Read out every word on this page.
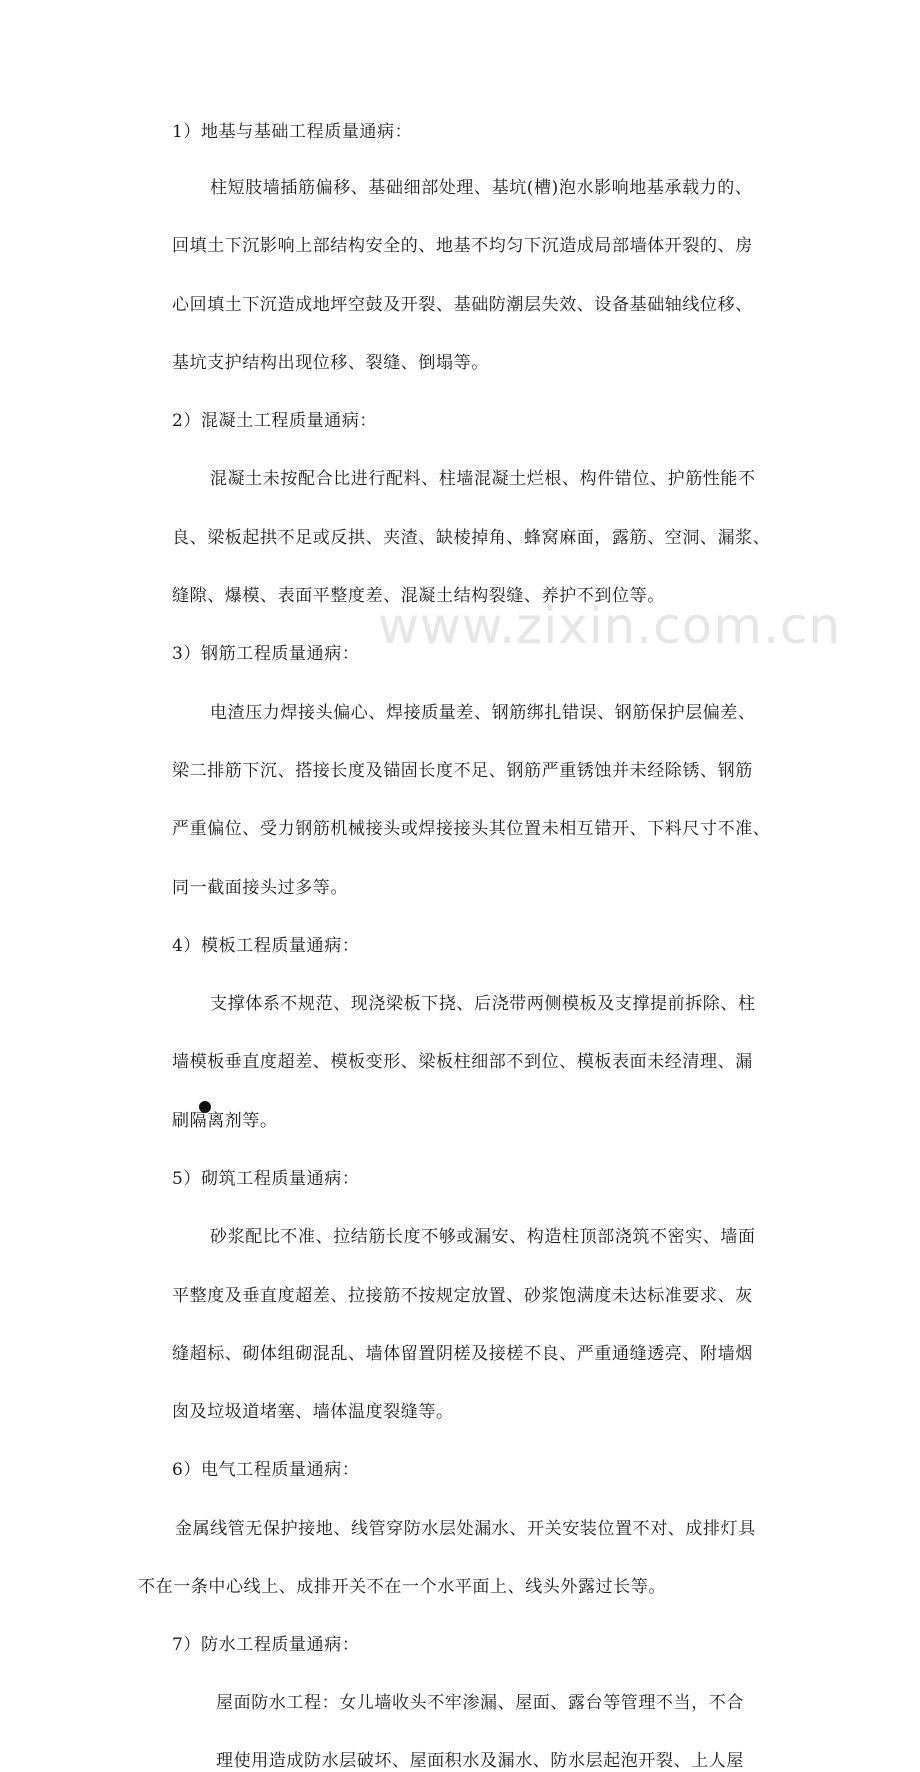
www.zixin.com.cn

1）地基与基础工程质量通病：

柱短肢墙插筋偏移、基础细部处理、基坑(槽)泡水影响地基承载力的、

回填土下沉影响上部结构安全的、地基不均匀下沉造成局部墙体开裂的、房

心回填土下沉造成地坪空鼓及开裂、基础防潮层失效、设备基础轴线位移、

基坑支护结构出现位移、裂缝、倒塌等。

2）混凝土工程质量通病：

混凝土未按配合比进行配料、柱墙混凝土烂根、构件错位、护筋性能不

良、梁板起拱不足或反拱、夹渣、缺棱掉角、蜂窝麻面，露筋、空洞、漏浆、

缝隙、爆模、表面平整度差、混凝土结构裂缝、养护不到位等。

3）钢筋工程质量通病：

电渣压力焊接头偏心、焊接质量差、钢筋绑扎错误、钢筋保护层偏差、

梁二排筋下沉、搭接长度及锚固长度不足、钢筋严重锈蚀并未经除锈、钢筋

严重偏位、受力钢筋机械接头或焊接接头其位置未相互错开、下料尺寸不准、

同一截面接头过多等。

4）模板工程质量通病：

支撑体系不规范、现浇梁板下挠、后浇带两侧模板及支撑提前拆除、柱

墙模板垂直度超差、模板变形、梁板柱细部不到位、模板表面未经清理、漏

刷隔离剂等。

5）砌筑工程质量通病：

砂浆配比不准、拉结筋长度不够或漏安、构造柱顶部浇筑不密实、墙面

平整度及垂直度超差、拉接筋不按规定放置、砂浆饱满度未达标准要求、灰

缝超标、砌体组砌混乱、墙体留置阴槎及接槎不良、严重通缝透亮、附墙烟

囱及垃圾道堵塞、墙体温度裂缝等。

6）电气工程质量通病：

金属线管无保护接地、线管穿防水层处漏水、开关安装位置不对、成排灯具

不在一条中心线上、成排开关不在一个水平面上、线头外露过长等。

7）防水工程质量通病：

屋面防水工程：女儿墙收头不牢渗漏、屋面、露台等管理不当，不合

理使用造成防水层破坏、屋面积水及漏水、防水层起泡开裂、上人屋
